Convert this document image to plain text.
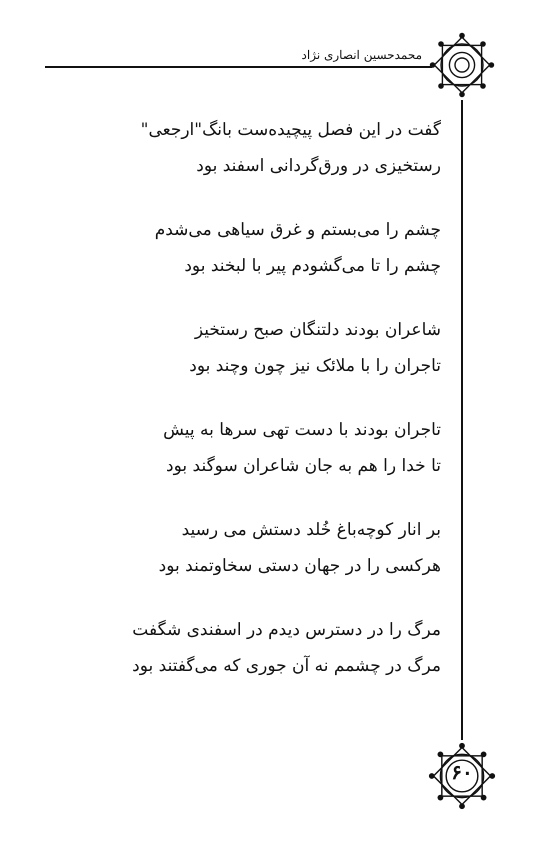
محمدحسین انصاری نژاد
گفت در این فصل پیچیده‌ست بانگ"ارجعی"
رستخیزی در ورق‌گردانی اسفند بود
چشم را می‌بستم و غرق سیاهی می‌شدم
چشم را تا می‌گشودم پیر با لبخند بود
شاعران بودند دلتنگان صبح رستخیز
تاجران را با ملائک نیز چون وچند بود
تاجران بودند با دست تهی سرها به پیش
تا خدا را هم به جان شاعران سوگند بود
بر انار کوچه‌باغ خُلد دستش می رسید
هرکسی را در جهان دستی سخاوتمند بود
مرگ را در دسترس دیدم در اسفندی شگفت
مرگ در چشمم نه آن جوری که می‌گفتند بود
۶۰
